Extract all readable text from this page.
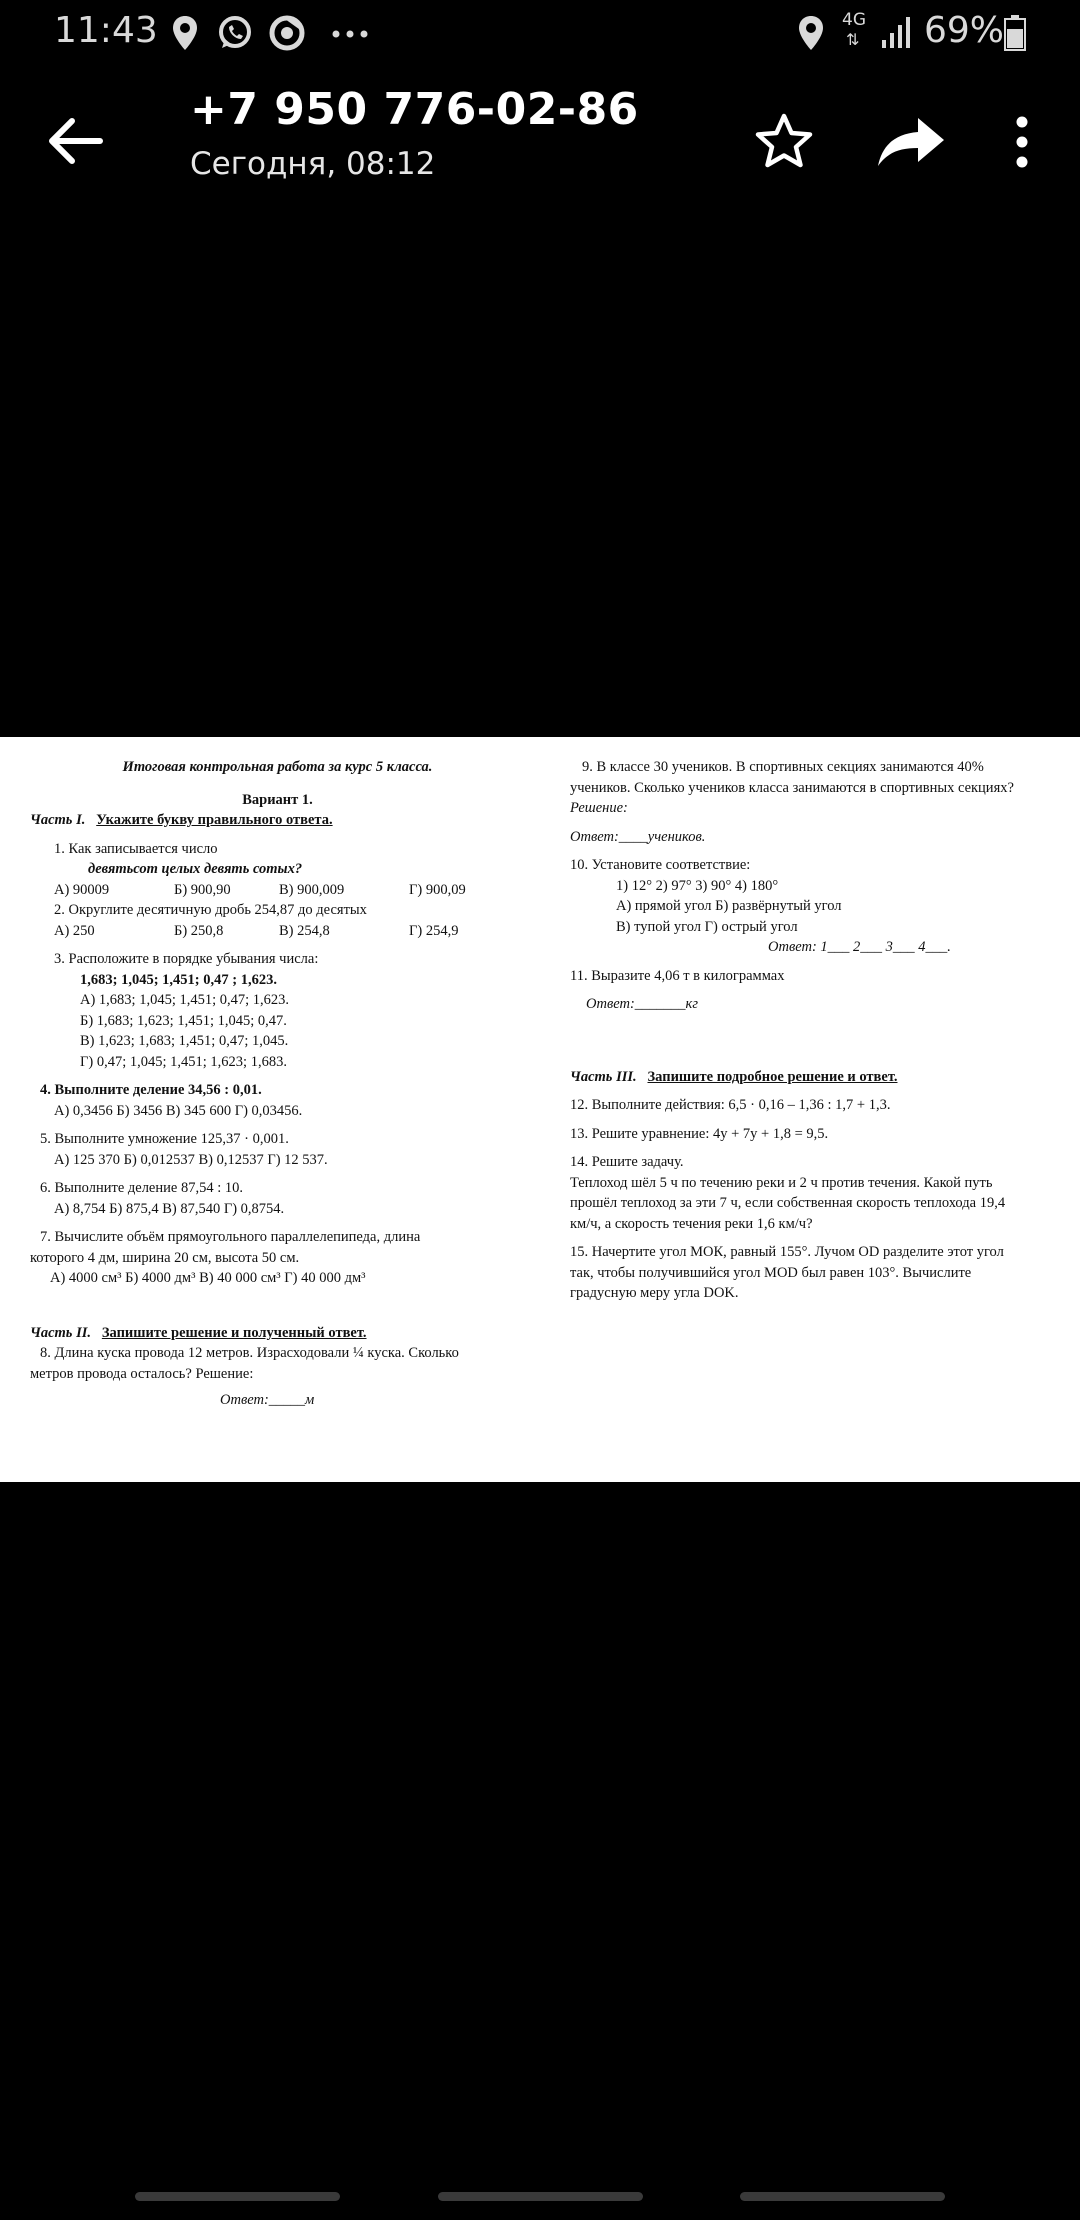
11:43	4G
⇅ 69%
+7 950 776-02-86
Сегодня, 08:12
Итоговая контрольная работа за курс 5 класса.
Вариант 1.
Часть I. Укажите букву правильного ответа.
1. Как записывается число
девятьсот целых девять сотых?
А) 90009	Б) 900,90	В) 900,009	Г) 900,09
2. Округлите десятичную дробь 254,87 до десятых
А) 250	Б) 250,8	В) 254,8	Г) 254,9
3. Расположите в порядке убывания числа:
1,683; 1,045; 1,451; 0,47 ; 1,623.
А) 1,683; 1,045; 1,451; 0,47; 1,623.
Б) 1,683; 1,623; 1,451; 1,045; 0,47.
В) 1,623; 1,683; 1,451; 0,47; 1,045.
Г) 0,47; 1,045; 1,451; 1,623; 1,683.
4. Выполните деление 34,56 : 0,01.
А) 0,3456 Б) 3456 В) 345 600 Г) 0,03456.
5. Выполните умножение 125,37 · 0,001.
А) 125 370 Б) 0,012537 В) 0,12537 Г) 12 537.
6. Выполните деление 87,54 : 10.
А) 8,754 Б) 875,4 В) 87,540 Г) 0,8754.
7. Вычислите объём прямоугольного параллелепипеда, длина
которого 4 дм, ширина 20 см, высота 50 см.
А) 4000 см³ Б) 4000 дм³ В) 40 000 см³ Г) 40 000 дм³
Часть II. Запишите решение и полученный ответ.
8. Длина куска провода 12 метров. Израсходовали ¼ куска. Сколько
метров провода осталось? Решение:
Ответ:_____м
9. В классе 30 учеников. В спортивных секциях занимаются 40%
учеников. Сколько учеников класса занимаются в спортивных секциях?
Решение:
Ответ:____учеников.
10. Установите соответствие:
1) 12° 2) 97° 3) 90° 4) 180°
А) прямой угол Б) развёрнутый угол
В) тупой угол Г) острый угол
Ответ: 1___ 2___ 3___ 4___.
11. Выразите 4,06 т в килограммах
Ответ:_______кг
Часть III. Запишите подробное решение и ответ.
12. Выполните действия: 6,5 · 0,16 – 1,36 : 1,7 + 1,3.
13. Решите уравнение: 4у + 7у + 1,8 = 9,5.
14. Решите задачу.
Теплоход шёл 5 ч по течению реки и 2 ч против течения. Какой путь
прошёл теплоход за эти 7 ч, если собственная скорость теплохода 19,4
км/ч, а скорость течения реки 1,6 км/ч?
15. Начертите угол МОК, равный 155°. Лучом OD разделите этот угол
так, чтобы получившийся угол MOD был равен 103°. Вычислите
градусную меру угла DOK.
